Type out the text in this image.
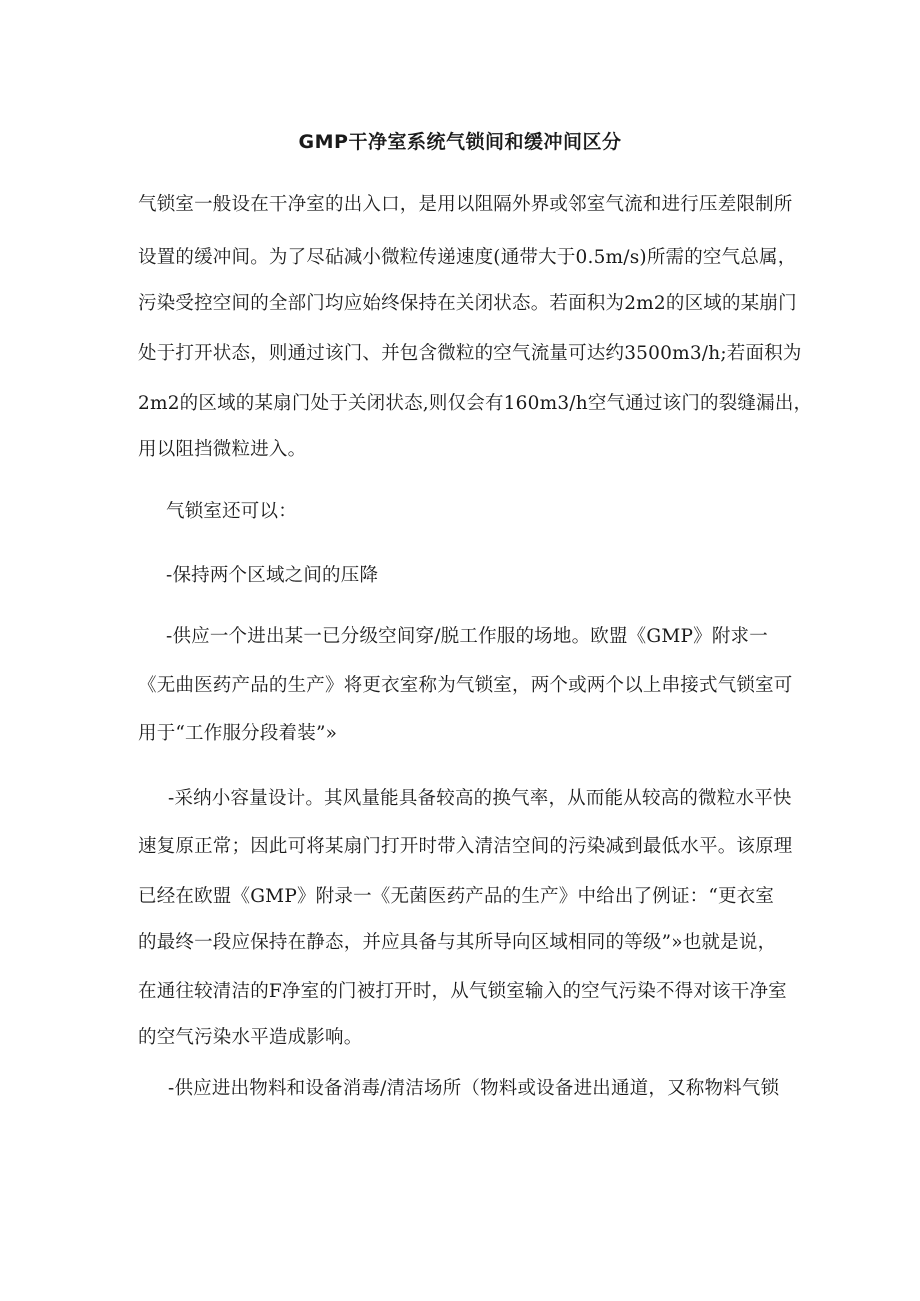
GMP干净室系统气锁间和缓冲间区分
气锁室一般设在干净室的出入口，是用以阻隔外界或邻室气流和进行压差限制所
设置的缓冲间。为了尽砧减小微粒传递速度(通带大于0.5m/s)所需的空气总属，
污染受控空间的全部门均应始终保持在关闭状态。若面积为2m2的区域的某崩门
处于打开状态，则通过该门、并包含微粒的空气流量可达约3500m3/h;若面积为
2m2的区域的某扇门处于关闭状态,则仅会有160m3/h空气通过该门的裂缝漏出，
用以阻挡微粒进入。
气锁室还可以：
-保持两个区域之间的压降
-供应一个进出某一已分级空间穿/脱工作服的场地。欧盟《GMP》附求一
《无曲医药产品的生产》将更衣室称为气锁室，两个或两个以上串接式气锁室可
用于“工作服分段着装”»
-采纳小容量设计。其风量能具备较高的换气率，从而能从较高的微粒水平快
速复原正常；因此可将某扇门打开时带入清洁空间的污染减到最低水平。该原理
已经在欧盟《GMP》附录一《无菌医药产品的生产》中给出了例证：“更衣室
的最终一段应保持在静态，并应具备与其所导向区域相同的等级”»也就是说，
在通往较清洁的F净室的门被打开时，从气锁室输入的空气污染不得对该干净室
的空气污染水平造成影响。
-供应进出物料和设备消毒/清洁场所（物料或设备进出通道，又称物料气锁
